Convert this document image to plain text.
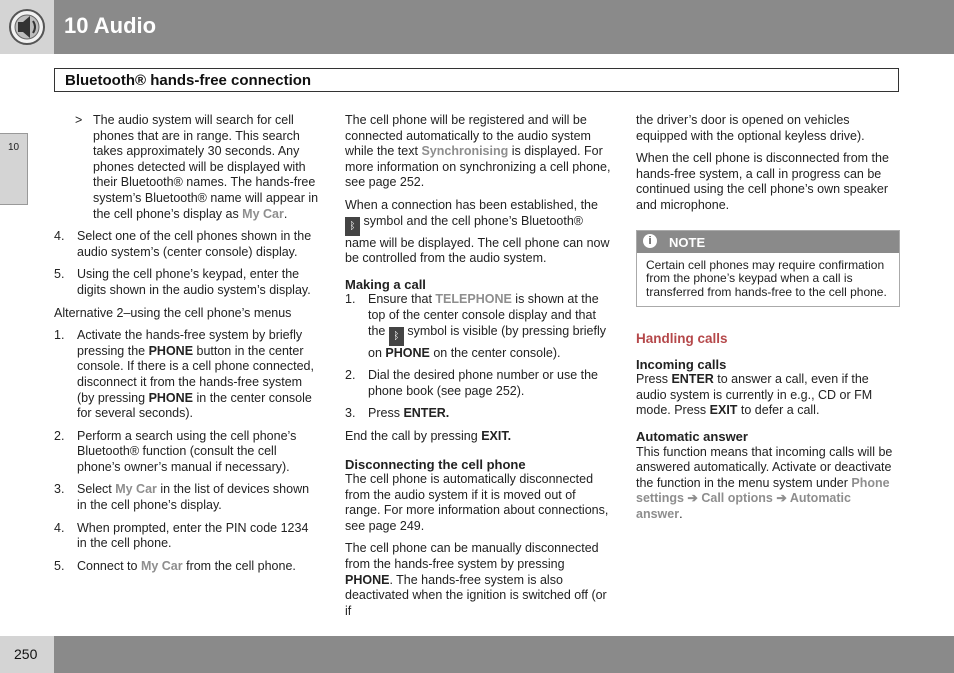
10 Audio
Bluetooth® hands-free connection
10
> The audio system will search for cell phones that are in range. This search takes approximately 30 seconds. Any phones detected will be displayed with their Bluetooth® names. The hands-free system’s Bluetooth® name will appear in the cell phone’s display as My Car.
4. Select one of the cell phones shown in the audio system’s (center console) display.
5. Using the cell phone’s keypad, enter the digits shown in the audio system’s display.

Alternative 2–using the cell phone’s menus

1. Activate the hands-free system by briefly pressing the PHONE button in the center console. If there is a cell phone connected, disconnect it from the hands-free system (by pressing PHONE in the center console for several seconds).
2. Perform a search using the cell phone’s Bluetooth® function (consult the cell phone’s owner’s manual if necessary).
3. Select My Car in the list of devices shown in the cell phone’s display.
4. When prompted, enter the PIN code 1234 in the cell phone.
5. Connect to My Car from the cell phone.

The cell phone will be registered and will be connected automatically to the audio system while the text Synchronising is displayed. For more information on synchronizing a cell phone, see page 252.

When a connection has been established, the ᛒ symbol and the cell phone’s Bluetooth® name will be displayed. The cell phone can now be controlled from the audio system.

Making a call
1. Ensure that TELEPHONE is shown at the top of the center console display and that the ᛒ symbol is visible (by pressing briefly on PHONE on the center console).
2. Dial the desired phone number or use the phone book (see page 252).
3. Press ENTER.

End the call by pressing EXIT.

Disconnecting the cell phone

The cell phone is automatically disconnected from the audio system if it is moved out of range. For more information about connections, see page 249.

The cell phone can be manually disconnected from the hands-free system by pressing PHONE. The hands-free system is also deactivated when the ignition is switched off (or if

the driver’s door is opened on vehicles equipped with the optional keyless drive).

When the cell phone is disconnected from the hands-free system, a call in progress can be continued using the cell phone’s own speaker and microphone.

i	NOTE
Certain cell phones may require confirmation from the phone’s keypad when a call is transferred from hands-free to the cell phone.
Handling calls
Incoming calls

Press ENTER to answer a call, even if the audio system is currently in e.g., CD or FM mode. Press EXIT to defer a call.

Automatic answer

This function means that incoming calls will be answered automatically. Activate or deactivate the function in the menu system under Phone settings ➔ Call options ➔ Automatic answer.

250
